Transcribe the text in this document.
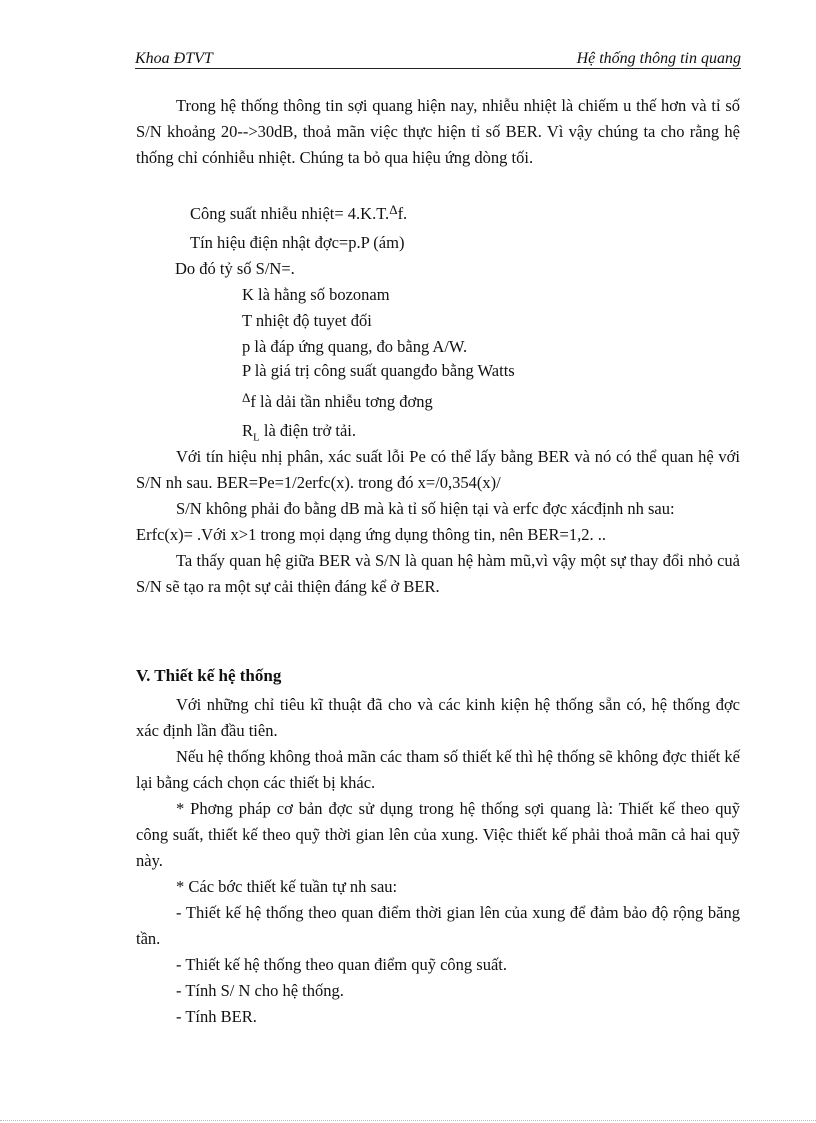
Khoa ĐTVT	Hệ thống thông tin quang

Trong hệ thống thông tin sợi quang hiện nay, nhiễu nhiệt là chiếm u thế hơn và tỉ số S/N khoảng 20-->30dB, thoả mãn việc thực hiện tỉ số BER. Vì vậy chúng ta cho rằng hệ thống chỉ cónhiễu nhiệt. Chúng ta bỏ qua hiệu ứng dòng tối.

Công suất nhiễu nhiệt= 4.K.T.$^\Delta$f.
Tín hiệu điện nhật đợc=p.P (ám)
Do đó tỷ số S/N=.
K là hằng số bozonam
T nhiệt độ tuyet đối
p là đáp ứng quang, đo bằng A/W.
P là giá trị công suất quangđo bằng Watts
$^\Delta$f là dải tần nhiễu tơng đơng
$R_L$ là điện trở tải.

Với tín hiệu nhị phân, xác suất lỗi Pe có thể lấy bằng BER và nó có thể quan hệ với S/N nh sau. BER=Pe=1/2erfc(x). trong đó x=/0,354(x)/

S/N không phải đo bằng dB mà kà tỉ số hiện tại và erfc đợc xácđịnh nh sau:

Erfc(x)= .Với x>1 trong mọi dạng ứng dụng thông tin, nên BER=1,2. ..

Ta thấy quan hệ giữa BER và S/N là quan hệ hàm mũ,vì vậy một sự thay đổi nhỏ cuả S/N sẽ tạo ra một sự cải thiện đáng kể ở BER.

V. Thiết kế hệ thống

Với những chỉ tiêu kĩ thuật đã cho và các kinh kiện hệ thống sẵn có, hệ thống đợc xác định lần đầu tiên.

Nếu hệ thống không thoả mãn các tham số thiết kế thì hệ thống sẽ không đợc thiết kế lại bằng cách chọn các thiết bị khác.

* Phơng pháp cơ bản đợc sử dụng trong hệ thống sợi quang là: Thiết kế theo quỹ công suất, thiết kế theo quỹ thời gian lên của xung. Việc thiết kế phải thoả mãn cả hai quỹ này.

* Các bớc thiết kế tuần tự nh sau:

- Thiết kế hệ thống theo quan điểm thời gian lên của xung để đảm bảo độ rộng băng tần.

- Thiết kế hệ thống theo quan điểm quỹ công suất.

- Tính S/ N cho hệ thống.

- Tính BER.
